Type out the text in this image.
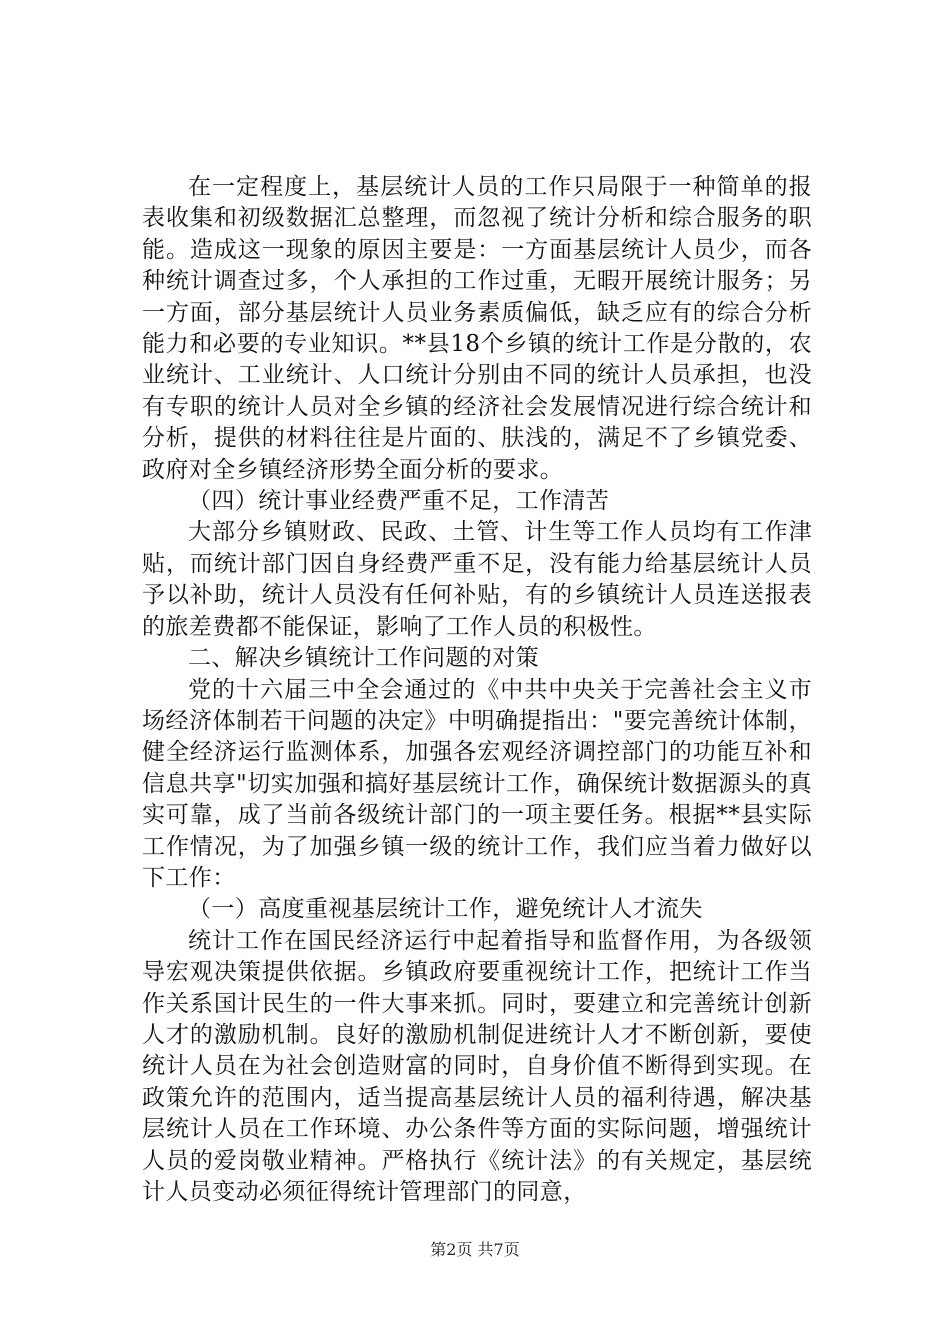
在一定程度上，基层统计人员的工作只局限于一种简单的报表收集和初级数据汇总整理，而忽视了统计分析和综合服务的职能。造成这一现象的原因主要是：一方面基层统计人员少，而各种统计调查过多，个人承担的工作过重，无暇开展统计服务；另一方面，部分基层统计人员业务素质偏低，缺乏应有的综合分析能力和必要的专业知识。**县18个乡镇的统计工作是分散的，农业统计、工业统计、人口统计分别由不同的统计人员承担，也没有专职的统计人员对全乡镇的经济社会发展情况进行综合统计和分析，提供的材料往往是片面的、肤浅的，满足不了乡镇党委、政府对全乡镇经济形势全面分析的要求。

（四）统计事业经费严重不足，工作清苦

大部分乡镇财政、民政、土管、计生等工作人员均有工作津贴，而统计部门因自身经费严重不足，没有能力给基层统计人员予以补助，统计人员没有任何补贴，有的乡镇统计人员连送报表的旅差费都不能保证，影响了工作人员的积极性。

二、解决乡镇统计工作问题的对策

党的十六届三中全会通过的《中共中央关于完善社会主义市场经济体制若干问题的决定》中明确提指出："要完善统计体制，健全经济运行监测体系，加强各宏观经济调控部门的功能互补和信息共享"切实加强和搞好基层统计工作，确保统计数据源头的真实可靠，成了当前各级统计部门的一项主要任务。根据**县实际工作情况，为了加强乡镇一级的统计工作，我们应当着力做好以下工作：

（一）高度重视基层统计工作，避免统计人才流失

统计工作在国民经济运行中起着指导和监督作用，为各级领导宏观决策提供依据。乡镇政府要重视统计工作，把统计工作当作关系国计民生的一件大事来抓。同时，要建立和完善统计创新人才的激励机制。良好的激励机制促进统计人才不断创新，要使统计人员在为社会创造财富的同时，自身价值不断得到实现。在政策允许的范围内，适当提高基层统计人员的福利待遇，解决基层统计人员在工作环境、办公条件等方面的实际问题，增强统计人员的爱岗敬业精神。严格执行《统计法》的有关规定，基层统计人员变动必须征得统计管理部门的同意，

第2页 共7页
